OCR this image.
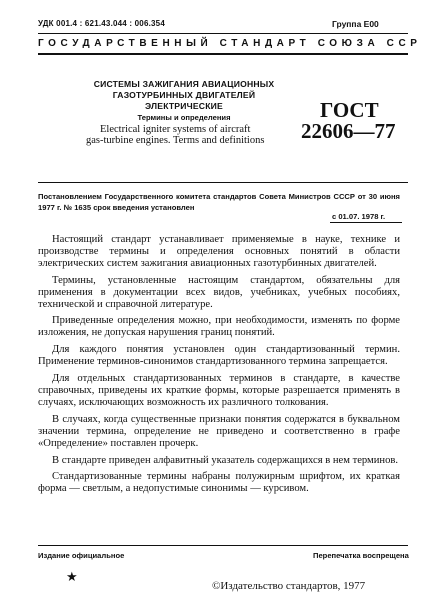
УДК 001.4 : 621.43.044 : 006.354	Группа Е00
ГОСУДАРСТВЕННЫЙ СТАНДАРТ СОЮЗА ССР
СИСТЕМЫ ЗАЖИГАНИЯ АВИАЦИОННЫХ
ГАЗОТУРБИННЫХ ДВИГАТЕЛЕЙ ЭЛЕКТРИЧЕСКИЕ
Термины и определения
Electrical igniter systems of aircraft
gas-turbine engines. Terms and definitions
ГОСТ
22606—77
Постановлением Государственного комитета стандартов Совета Министров СССР от 30 июня 1977 г. № 1635 срок введения установлен
с 01.07. 1978 г.

Настоящий стандарт устанавливает применяемые в науке, технике и производстве термины и определения основных понятий в области электрических систем зажигания авиационных газотурбинных двигателей.

Термины, установленные настоящим стандартом, обязательны для применения в документации всех видов, учебниках, учебных пособиях, технической и справочной литературе.

Приведенные определения можно, при необходимости, изменять по форме изложения, не допуская нарушения границ понятий.

Для каждого понятия установлен один стандартизованный термин. Применение терминов-синонимов стандартизованного термина запрещается.

Для отдельных стандартизованных терминов в стандарте, в качестве справочных, приведены их краткие формы, которые разрешается применять в случаях, исключающих возможность их различного толкования.

В случаях, когда существенные признаки понятия содержатся в буквальном значении термина, определение не приведено и соответственно в графе «Определение» поставлен прочерк.

В стандарте приведен алфавитный указатель содержащихся в нем терминов.

Стандартизованные термины набраны полужирным шрифтом, их краткая форма — светлым, а недопустимые синонимы — курсивом.

Издание официальное	Перепечатка воспрещена
★
©Издательство стандартов, 1977
